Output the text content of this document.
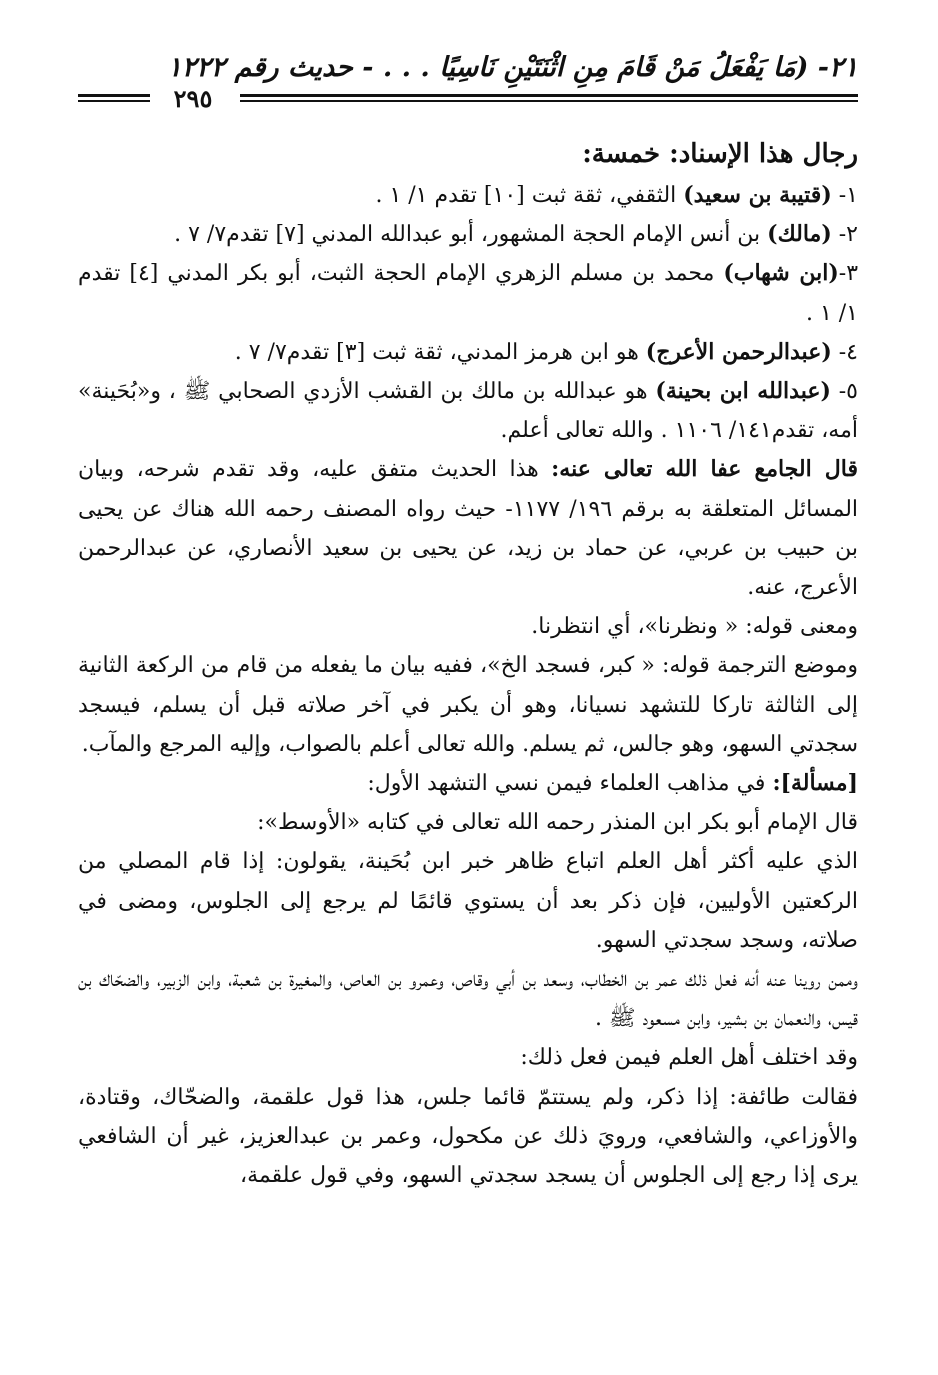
٢١- (مَا يَفْعَلُ مَنْ قَامَ مِنِ اثْنَتَيْنِ نَاسِيًا . . . - حديث رقم ١٢٢٢
٢٩٥

رجال هذا الإسناد: خمسة:

١- (قتيبة بن سعيد) الثقفي، ثقة ثبت [١٠] تقدم ١/ ١ .

٢- (مالك) بن أنس الإمام الحجة المشهور، أبو عبدالله المدني [٧] تقدم٧/ ٧ .

٣-(ابن شهاب) محمد بن مسلم الزهري الإمام الحجة الثبت، أبو بكر المدني [٤] تقدم ١/ ١ .

٤- (عبدالرحمن الأعرج) هو ابن هرمز المدني، ثقة ثبت [٣] تقدم٧/ ٧ .

٥- (عبدالله ابن بحينة) هو عبدالله بن مالك بن القشب الأزدي الصحابي ﷺ ، و«بُحَينة» أمه، تقدم١٤١/ ١١٠٦ . والله تعالى أعلم.

قال الجامع عفا الله تعالى عنه: هذا الحديث متفق عليه، وقد تقدم شرحه، وبيان المسائل المتعلقة به برقم ١٩٦/ ١١٧٧- حيث رواه المصنف رحمه الله هناك عن يحيى بن حبيب بن عربي، عن حماد بن زيد، عن يحيى بن سعيد الأنصاري، عن عبدالرحمن الأعرج، عنه.

ومعنى قوله: « ونظرنا»، أي انتظرنا.

وموضع الترجمة قوله: « كبر، فسجد الخ»، ففيه بيان ما يفعله من قام من الركعة الثانية إلى الثالثة تاركا للتشهد نسيانا، وهو أن يكبر في آخر صلاته قبل أن يسلم، فيسجد سجدتي السهو، وهو جالس، ثم يسلم. والله تعالى أعلم بالصواب، وإليه المرجع والمآب.

[مسألة]: في مذاهب العلماء فيمن نسي التشهد الأول:

قال الإمام أبو بكر ابن المنذر رحمه الله تعالى في كتابه «الأوسط»:

الذي عليه أكثر أهل العلم اتباع ظاهر خبر ابن بُحَينة، يقولون: إذا قام المصلي من الركعتين الأوليين، فإن ذكر بعد أن يستوي قائمًا لم يرجع إلى الجلوس، ومضى في صلاته، وسجد سجدتي السهو.

وممن روينا عنه أنه فعل ذلك عمر بن الخطاب، وسعد بن أبي وقاص، وعمرو بن العاص، والمغيرة بن شعبة، وابن الزبير، والضحّاك بن قيس، والنعمان بن بشير، وابن مسعود ﷺ .

وقد اختلف أهل العلم فيمن فعل ذلك:

فقالت طائفة: إذا ذكر، ولم يستتمّ قائما جلس، هذا قول علقمة، والضحّاك، وقتادة، والأوزاعي، والشافعي، ورويَ ذلك عن مكحول، وعمر بن عبدالعزيز، غير أن الشافعي يرى إذا رجع إلى الجلوس أن يسجد سجدتي السهو، وفي قول علقمة،
